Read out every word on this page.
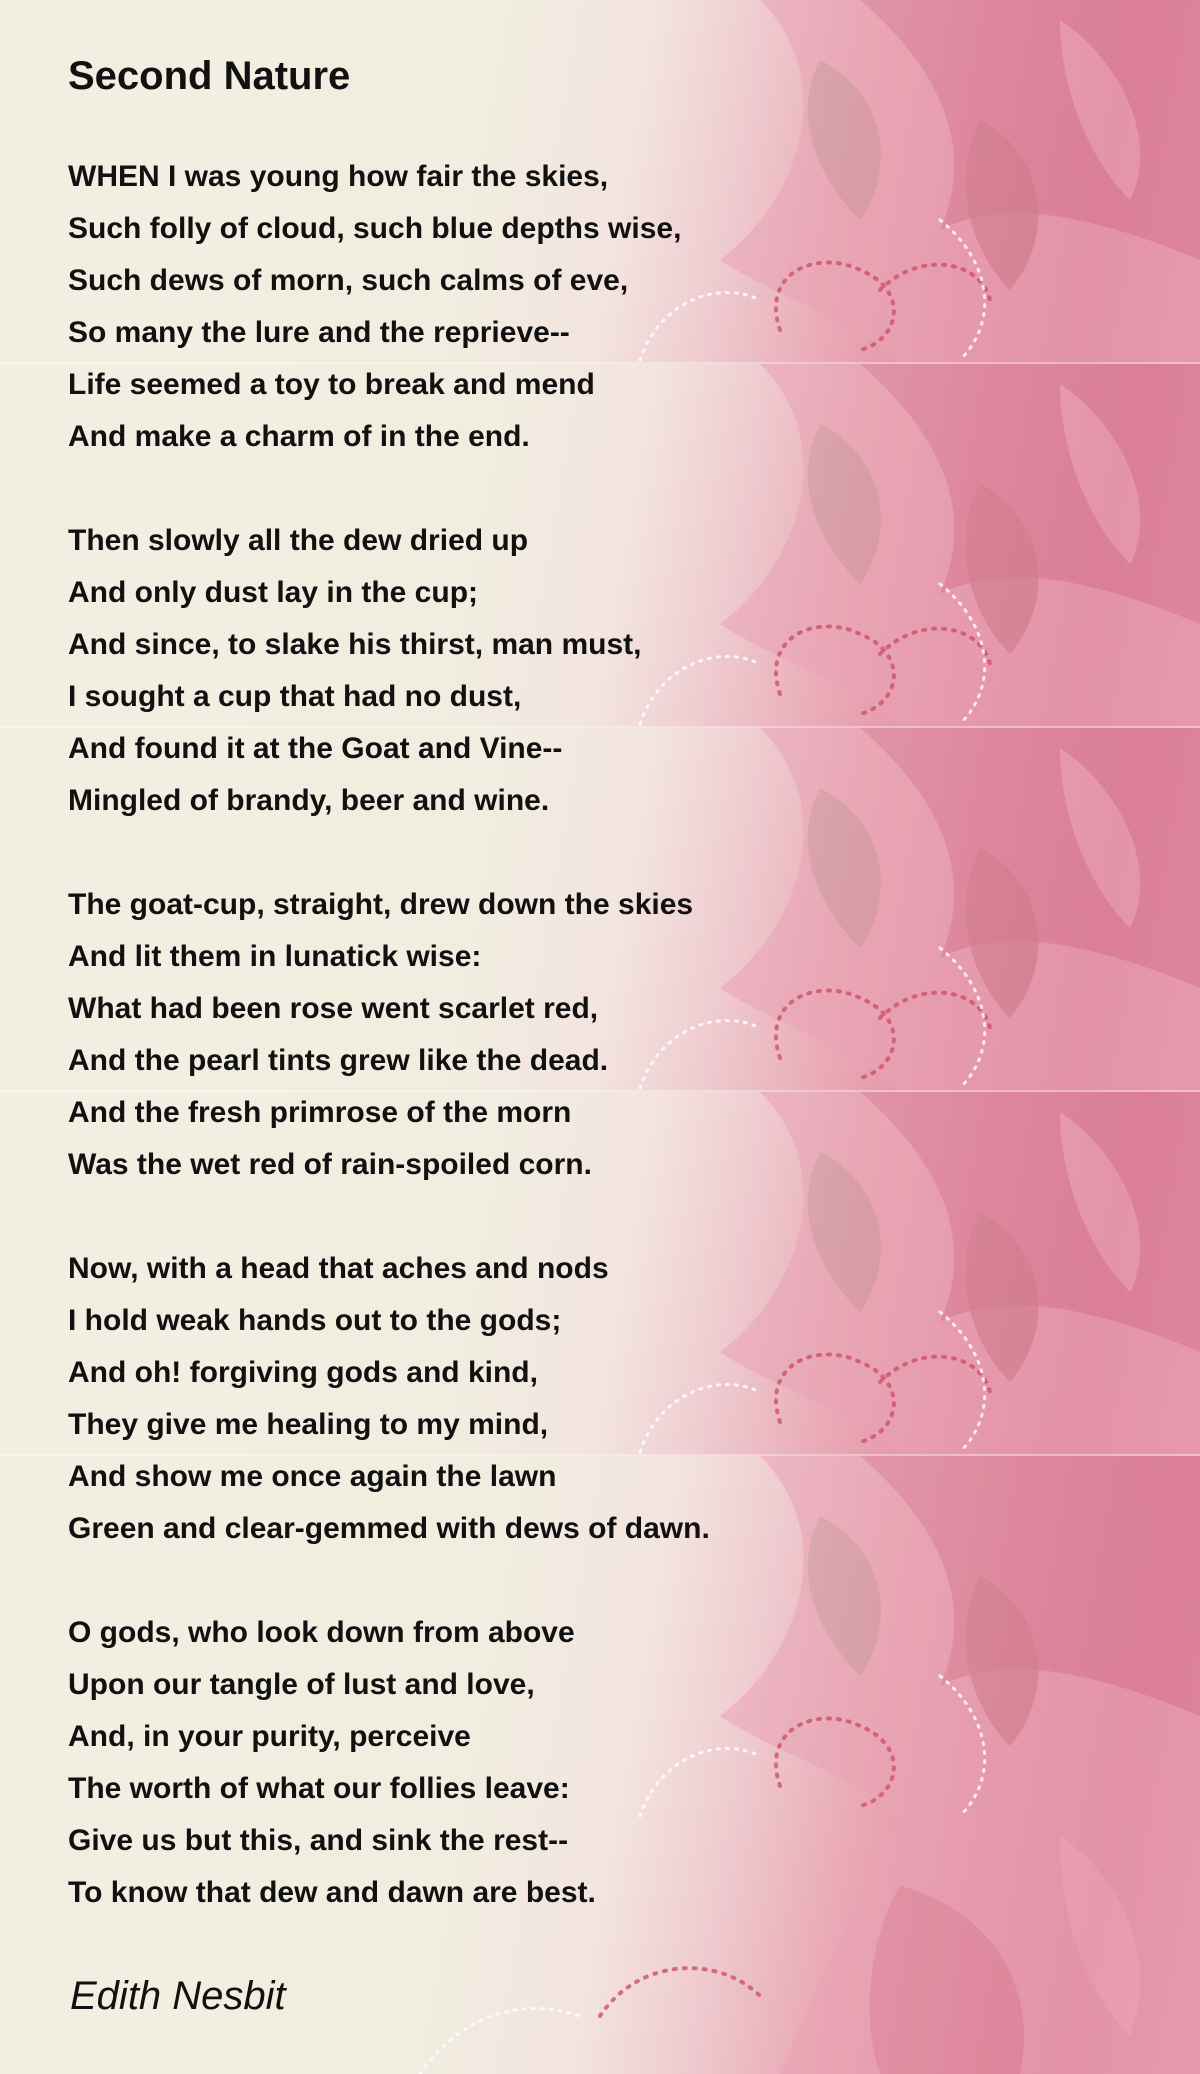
Second Nature
WHEN I was young how fair the skies,
Such folly of cloud, such blue depths wise,
Such dews of morn, such calms of eve,
So many the lure and the reprieve--
Life seemed a toy to break and mend
And make a charm of in the end.
Then slowly all the dew dried up
And only dust lay in the cup;
And since, to slake his thirst, man must,
I sought a cup that had no dust,
And found it at the Goat and Vine--
Mingled of brandy, beer and wine.
The goat-cup, straight, drew down the skies
And lit them in lunatick wise:
What had been rose went scarlet red,
And the pearl tints grew like the dead.
And the fresh primrose of the morn
Was the wet red of rain-spoiled corn.
Now, with a head that aches and nods
I hold weak hands out to the gods;
And oh! forgiving gods and kind,
They give me healing to my mind,
And show me once again the lawn
Green and clear-gemmed with dews of dawn.
O gods, who look down from above
Upon our tangle of lust and love,
And, in your purity, perceive
The worth of what our follies leave:
Give us but this, and sink the rest--
To know that dew and dawn are best.
Edith Nesbit
